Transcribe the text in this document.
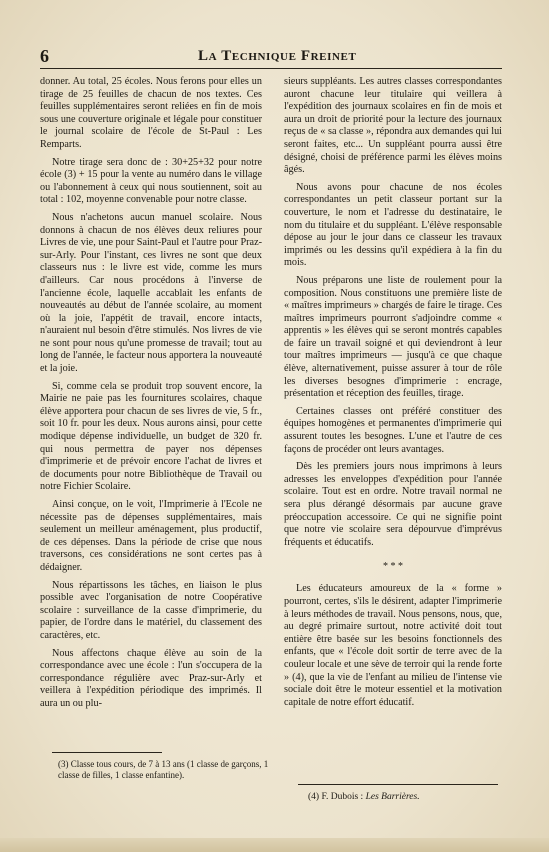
6	La Technique Freinet

donner. Au total, 25 écoles. Nous ferons pour elles un tirage de 25 feuilles de chacun de nos textes. Ces feuilles supplémentaires seront reliées en fin de mois sous une couverture originale et légale pour constituer le journal scolaire de l'école de St-Paul : Les Remparts.

Notre tirage sera donc de : 30+25+32 pour notre école (3) + 15 pour la vente au numéro dans le village ou l'abonnement à ceux qui nous soutiennent, soit au total : 102, moyenne convenable pour notre classe.

Nous n'achetons aucun manuel scolaire. Nous donnons à chacun de nos élèves deux reliures pour Livres de vie, une pour Saint-Paul et l'autre pour Praz-sur-Arly. Pour l'instant, ces livres ne sont que deux classeurs nus : le livre est vide, comme les murs d'ailleurs. Car nous procédons à l'inverse de l'ancienne école, laquelle accablait les enfants de nouveautés au début de l'année scolaire, au moment où la joie, l'appétit de travail, encore intacts, n'auraient nul besoin d'être stimulés. Nos livres de vie ne sont pour nous qu'une promesse de travail; tout au long de l'année, le facteur nous apportera la nouveauté et la joie.

Si, comme cela se produit trop souvent encore, la Mairie ne paie pas les fournitures scolaires, chaque élève apportera pour chacun de ses livres de vie, 5 fr., soit 10 fr. pour les deux. Nous aurons ainsi, pour cette modique dépense individuelle, un budget de 320 fr. qui nous permettra de payer nos dépenses d'imprimerie et de prévoir encore l'achat de livres et de documents pour notre Bibliothèque de Travail ou notre Fichier Scolaire.

Ainsi conçue, on le voit, l'Imprimerie à l'Ecole ne nécessite pas de dépenses supplémentaires, mais seulement un meilleur aménagement, plus productif, de ces dépenses. Dans la période de crise que nous traversons, ces considérations ne sont certes pas à dédaigner.

Nous répartissons les tâches, en liaison le plus possible avec l'organisation de notre Coopérative scolaire : surveillance de la casse d'imprimerie, du papier, de l'ordre dans le matériel, du classement des caractères, etc.

Nous affectons chaque élève au soin de la correspondance avec une école : l'un s'occupera de la correspondance régulière avec Praz-sur-Arly et veillera à l'expédition périodique des imprimés. Il aura un ou plu-

sieurs suppléants. Les autres classes correspondantes auront chacune leur titulaire qui veillera à l'expédition des journaux scolaires en fin de mois et aura un droit de priorité pour la lecture des journaux reçus de « sa classe », répondra aux demandes qui lui seront faites, etc... Un suppléant pourra aussi être désigné, choisi de préférence parmi les élèves moins âgés.

Nous avons pour chacune de nos écoles correspondantes un petit classeur portant sur la couverture, le nom et l'adresse du destinataire, le nom du titulaire et du suppléant. L'élève responsable dépose au jour le jour dans ce classeur les travaux imprimés ou les dessins qu'il expédiera à la fin du mois.

Nous préparons une liste de roulement pour la composition. Nous constituons une première liste de « maîtres imprimeurs » chargés de faire le tirage. Ces maîtres imprimeurs pourront s'adjoindre comme « apprentis » les élèves qui se seront montrés capables de faire un travail soigné et qui deviendront à leur tour maîtres imprimeurs — jusqu'à ce que chaque élève, alternativement, puisse assurer à tour de rôle les diverses besognes d'imprimerie : encrage, présentation et réception des feuilles, tirage.

Certaines classes ont préféré constituer des équipes homogènes et permanentes d'imprimerie qui assurent toutes les besognes. L'une et l'autre de ces façons de procéder ont leurs avantages.

Dès les premiers jours nous imprimons à leurs adresses les enveloppes d'expédition pour l'année scolaire. Tout est en ordre. Notre travail normal ne sera plus dérangé désormais par aucune grave préoccupation accessoire. Ce qui ne signifie point que notre vie scolaire sera dépourvue d'imprévus fréquents et éducatifs.

* * *

Les éducateurs amoureux de la « forme » pourront, certes, s'ils le désirent, adapter l'imprimerie à leurs méthodes de travail. Nous pensons, nous, que, au degré primaire surtout, notre activité doit tout entière être basée sur les besoins fonctionnels des enfants, que « l'école doit sortir de terre avec de la couleur locale et une sève de terroir qui la rende forte » (4), que la vie de l'enfant au milieu de l'intense vie sociale doit être le moteur essentiel et la motivation capitale de notre effort éducatif.

(3) Classe tous cours, de 7 à 13 ans (1 classe de garçons, 1 classe de filles, 1 classe enfantine).
(4) F. Dubois : Les Barrières.
